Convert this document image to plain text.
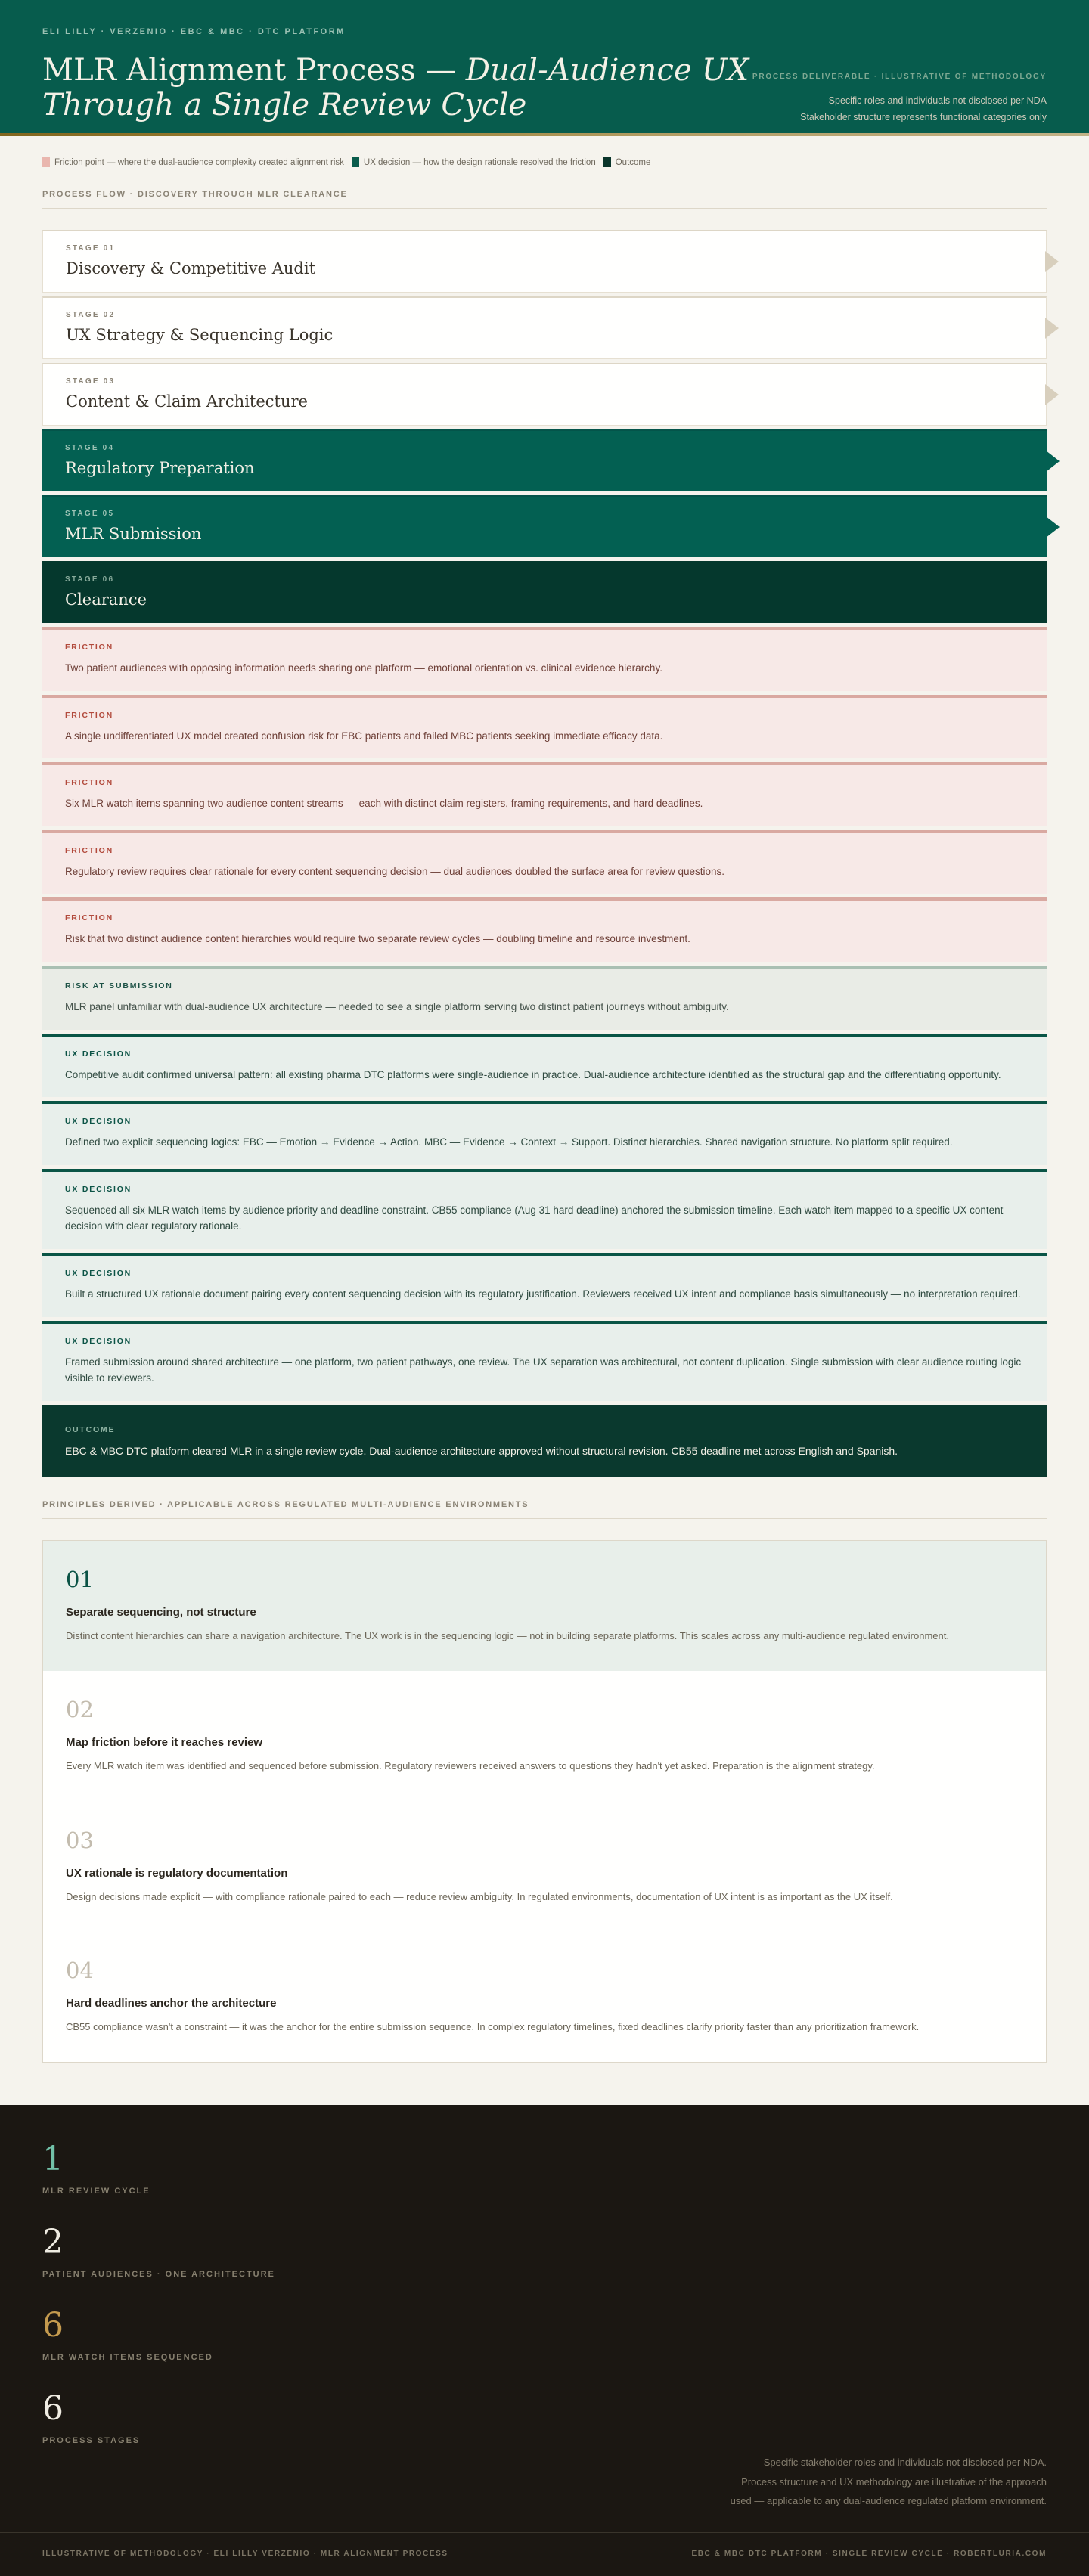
ELI LILLY · VERZENIO · EBC & MBC · DTC PLATFORM
MLR Alignment Process — Dual-Audience UX Through a Single Review Cycle
PROCESS DELIVERABLE · ILLUSTRATIVE OF METHODOLOGY
Specific roles and individuals not disclosed per NDA
Stakeholder structure represents functional categories only
Friction point — where the dual-audience complexity created alignment risk UX decision — how the design rationale resolved the friction Outcome
PROCESS FLOW · DISCOVERY THROUGH MLR CLEARANCE
STAGE 01
Discovery & Competitive Audit
STAGE 02
UX Strategy & Sequencing Logic
STAGE 03
Content & Claim Architecture
STAGE 04
Regulatory Preparation
STAGE 05
MLR Submission
STAGE 06
Clearance
FRICTION
Two patient audiences with opposing information needs sharing one platform — emotional orientation vs. clinical evidence hierarchy.
FRICTION
A single undifferentiated UX model created confusion risk for EBC patients and failed MBC patients seeking immediate efficacy data.
FRICTION
Six MLR watch items spanning two audience content streams — each with distinct claim registers, framing requirements, and hard deadlines.
FRICTION
Regulatory review requires clear rationale for every content sequencing decision — dual audiences doubled the surface area for review questions.
FRICTION
Risk that two distinct audience content hierarchies would require two separate review cycles — doubling timeline and resource investment.
RISK AT SUBMISSION
MLR panel unfamiliar with dual-audience UX architecture — needed to see a single platform serving two distinct patient journeys without ambiguity.
UX DECISION
Competitive audit confirmed universal pattern: all existing pharma DTC platforms were single-audience in practice. Dual-audience architecture identified as the structural gap and the differentiating opportunity.
UX DECISION
Defined two explicit sequencing logics: EBC — Emotion → Evidence → Action. MBC — Evidence → Context → Support. Distinct hierarchies. Shared navigation structure. No platform split required.
UX DECISION
Sequenced all six MLR watch items by audience priority and deadline constraint. CB55 compliance (Aug 31 hard deadline) anchored the submission timeline. Each watch item mapped to a specific UX content decision with clear regulatory rationale.
UX DECISION
Built a structured UX rationale document pairing every content sequencing decision with its regulatory justification. Reviewers received UX intent and compliance basis simultaneously — no interpretation required.
UX DECISION
Framed submission around shared architecture — one platform, two patient pathways, one review. The UX separation was architectural, not content duplication. Single submission with clear audience routing logic visible to reviewers.
OUTCOME
EBC & MBC DTC platform cleared MLR in a single review cycle. Dual-audience architecture approved without structural revision. CB55 deadline met across English and Spanish.
PRINCIPLES DERIVED · APPLICABLE ACROSS REGULATED MULTI-AUDIENCE ENVIRONMENTS
01
Separate sequencing, not structure
Distinct content hierarchies can share a navigation architecture. The UX work is in the sequencing logic — not in building separate platforms. This scales across any multi-audience regulated environment.
02
Map friction before it reaches review
Every MLR watch item was identified and sequenced before submission. Regulatory reviewers received answers to questions they hadn't yet asked. Preparation is the alignment strategy.
03
UX rationale is regulatory documentation
Design decisions made explicit — with compliance rationale paired to each — reduce review ambiguity. In regulated environments, documentation of UX intent is as important as the UX itself.
04
Hard deadlines anchor the architecture
CB55 compliance wasn't a constraint — it was the anchor for the entire submission sequence. In complex regulatory timelines, fixed deadlines clarify priority faster than any prioritization framework.
1
MLR REVIEW CYCLE
2
PATIENT AUDIENCES · ONE ARCHITECTURE
6
MLR WATCH ITEMS SEQUENCED
6
PROCESS STAGES
Specific stakeholder roles and individuals not disclosed per NDA. Process structure and UX methodology are illustrative of the approach used — applicable to any dual-audience regulated platform environment.
ILLUSTRATIVE OF METHODOLOGY · ELI LILLY VERZENIO · MLR ALIGNMENT PROCESS	EBC & MBC DTC PLATFORM · SINGLE REVIEW CYCLE · ROBERTLURIA.COM
